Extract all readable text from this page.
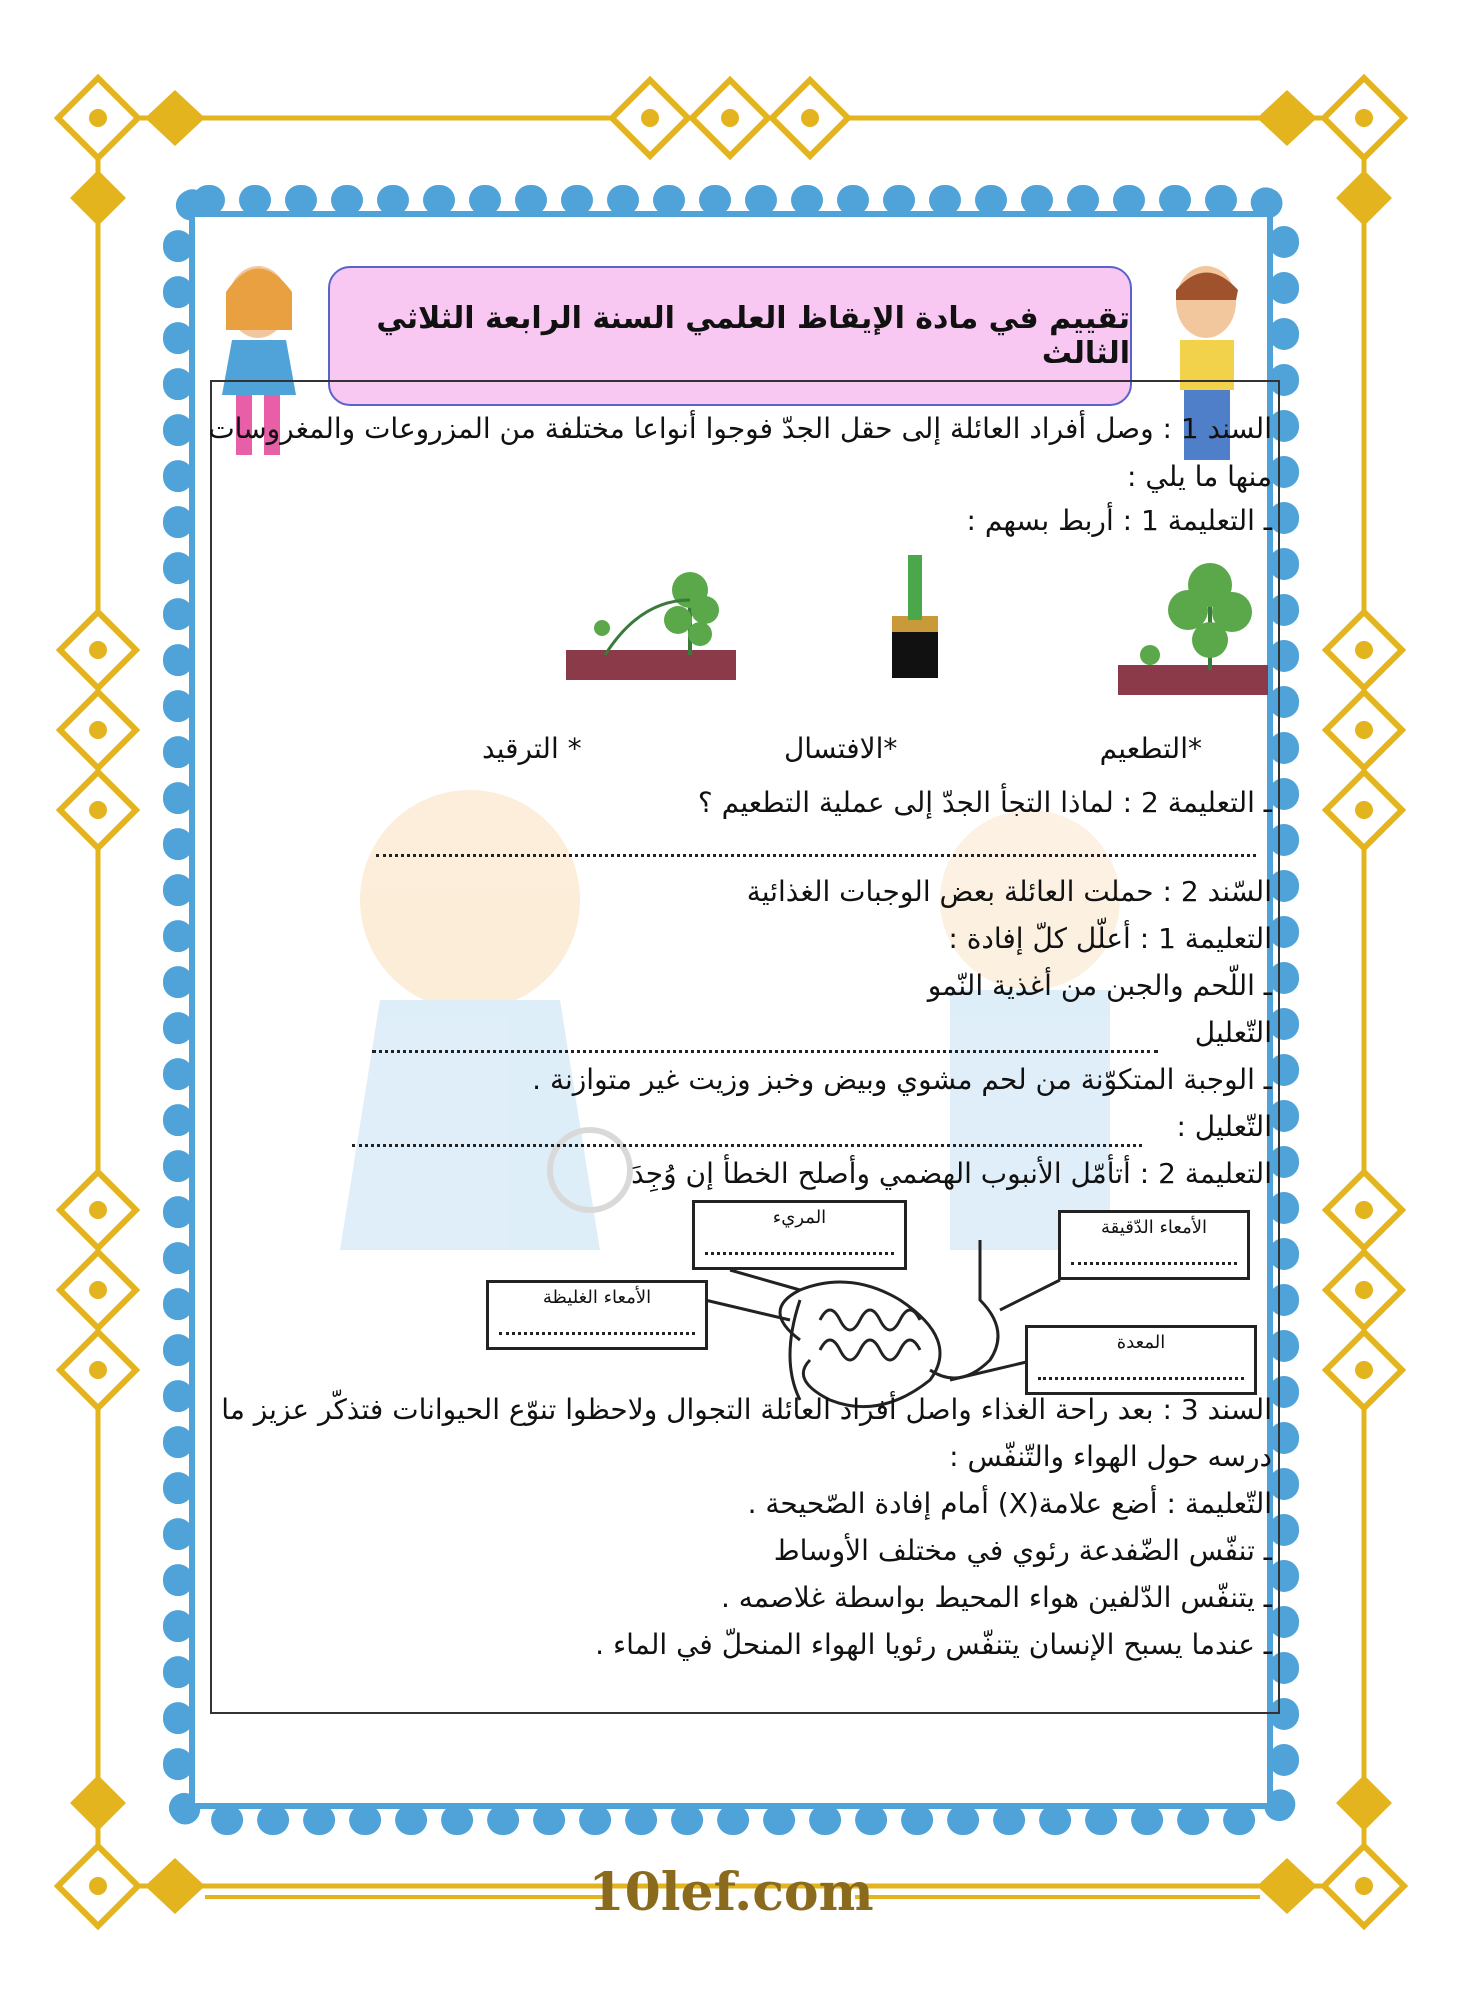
تقييم في مادة الإيقاظ العلمي السنة الرابعة الثلاثي الثالث
السند 1 : وصل أفراد العائلة إلى حقل الجدّ فوجوا أنواعا مختلفة من المزروعات والمغروسات
منها ما يلي :
ـ التعليمة 1 : أربط بسهم :
*التطعيم
*الافتسال
* الترقيد
ـ التعليمة 2 : لماذا التجأ الجدّ إلى عملية التطعيم ؟
السّند 2 : حملت العائلة بعض الوجبات الغذائية
التعليمة 1 : أعلّل كلّ إفادة :
ـ اللّحم والجبن من أغذية النّمو
التّعليل
ـ الوجبة المتكوّنة من لحم مشوي وبيض وخبز وزيت غير متوازنة .
التّعليل :
التعليمة 2 : أتأمّل الأنبوب الهضمي وأصلح الخطأ إن وُجِدَ
المريء	الأمعاء الدّقيقة
الأمعاء الغليظة
المعدة
السند 3 : بعد راحة الغذاء واصل أفراد العائلة التجوال ولاحظوا تنوّع الحيوانات فتذكّر عزيز ما
درسه حول الهواء والتّنفّس :
التّعليمة : أضع علامة(X) أمام إفادة الصّحيحة .
ـ تنفّس الضّفدعة رئوي في مختلف الأوساط
ـ يتنفّس الدّلفين هواء المحيط بواسطة غلاصمه .
ـ عندما يسبح الإنسان يتنفّس رئويا الهواء المنحلّ في الماء .
10lef.com
